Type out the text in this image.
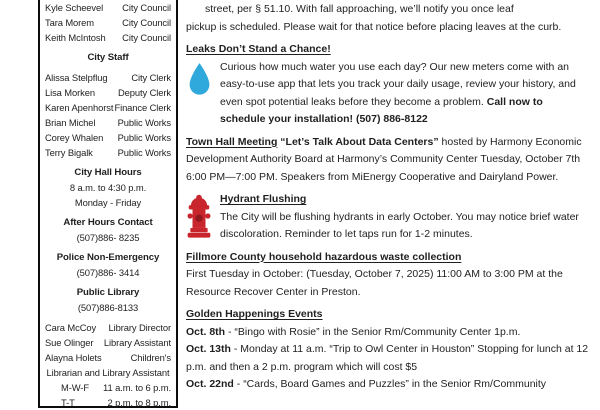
Kyle Scheevel City Council
Tara Morem	City Council
Keith McIntosh City Council
City Staff
Alissa Stelpflug	City Clerk
Lisa Morken Deputy Clerk
Karen Apenhorst Finance Clerk
Brian Michel Public Works
Corey Whalen Public Works
Terry Bigalk	Public Works
City Hall Hours
8 a.m. to 4:30 p.m.
Monday - Friday
After Hours Contact
(507)886- 8235
Police Non-Emergency
(507)886- 3414
Public Library
(507)886-8133
Cara McCoy Library Director
Sue Olinger Library Assistant
Alayna Holets	Children's
Librarian and Library Assistant
M-W-F 11 a.m. to 6 p.m.
T-T	2 p.m. to 8 p.m.
street, per § 51.10. With fall approaching, we’ll notify you once leaf
pickup is scheduled. Please wait for that notice before placing leaves at the curb.
Leaks Don’t Stand a Chance!
Curious how much water you use each day? Our new meters come with an easy-to-use app that lets you track your daily usage, review your history, and even spot potential leaks before they become a problem. Call now to schedule your installation! (507) 886-8122
Town Hall Meeting “Let’s Talk About Data Centers” hosted by Harmony Economic Development Authority Board at Harmony’s Community Center Tuesday, October 7th 6:00 PM—7:00 PM. Speakers from MiEnergy Cooperative and Dairyland Power.
Hydrant Flushing
The City will be flushing hydrants in early October. You may notice brief water discoloration. Reminder to let taps run for 1-2 minutes.
Fillmore County household hazardous waste collection
First Tuesday in October: (Tuesday, October 7, 2025) 11:00 AM to 3:00 PM at the Resource Recover Center in Preston.
Golden Happenings Events
Oct. 8th - “Bingo with Rosie” in the Senior Rm/Community Center 1p.m.
Oct. 13th - Monday at 11 a.m. “Trip to Owl Center in Houston” Stopping for lunch at 12 p.m. and then a 2 p.m. program which will cost $5
Oct. 22nd - “Cards, Board Games and Puzzles” in the Senior Rm/Community
